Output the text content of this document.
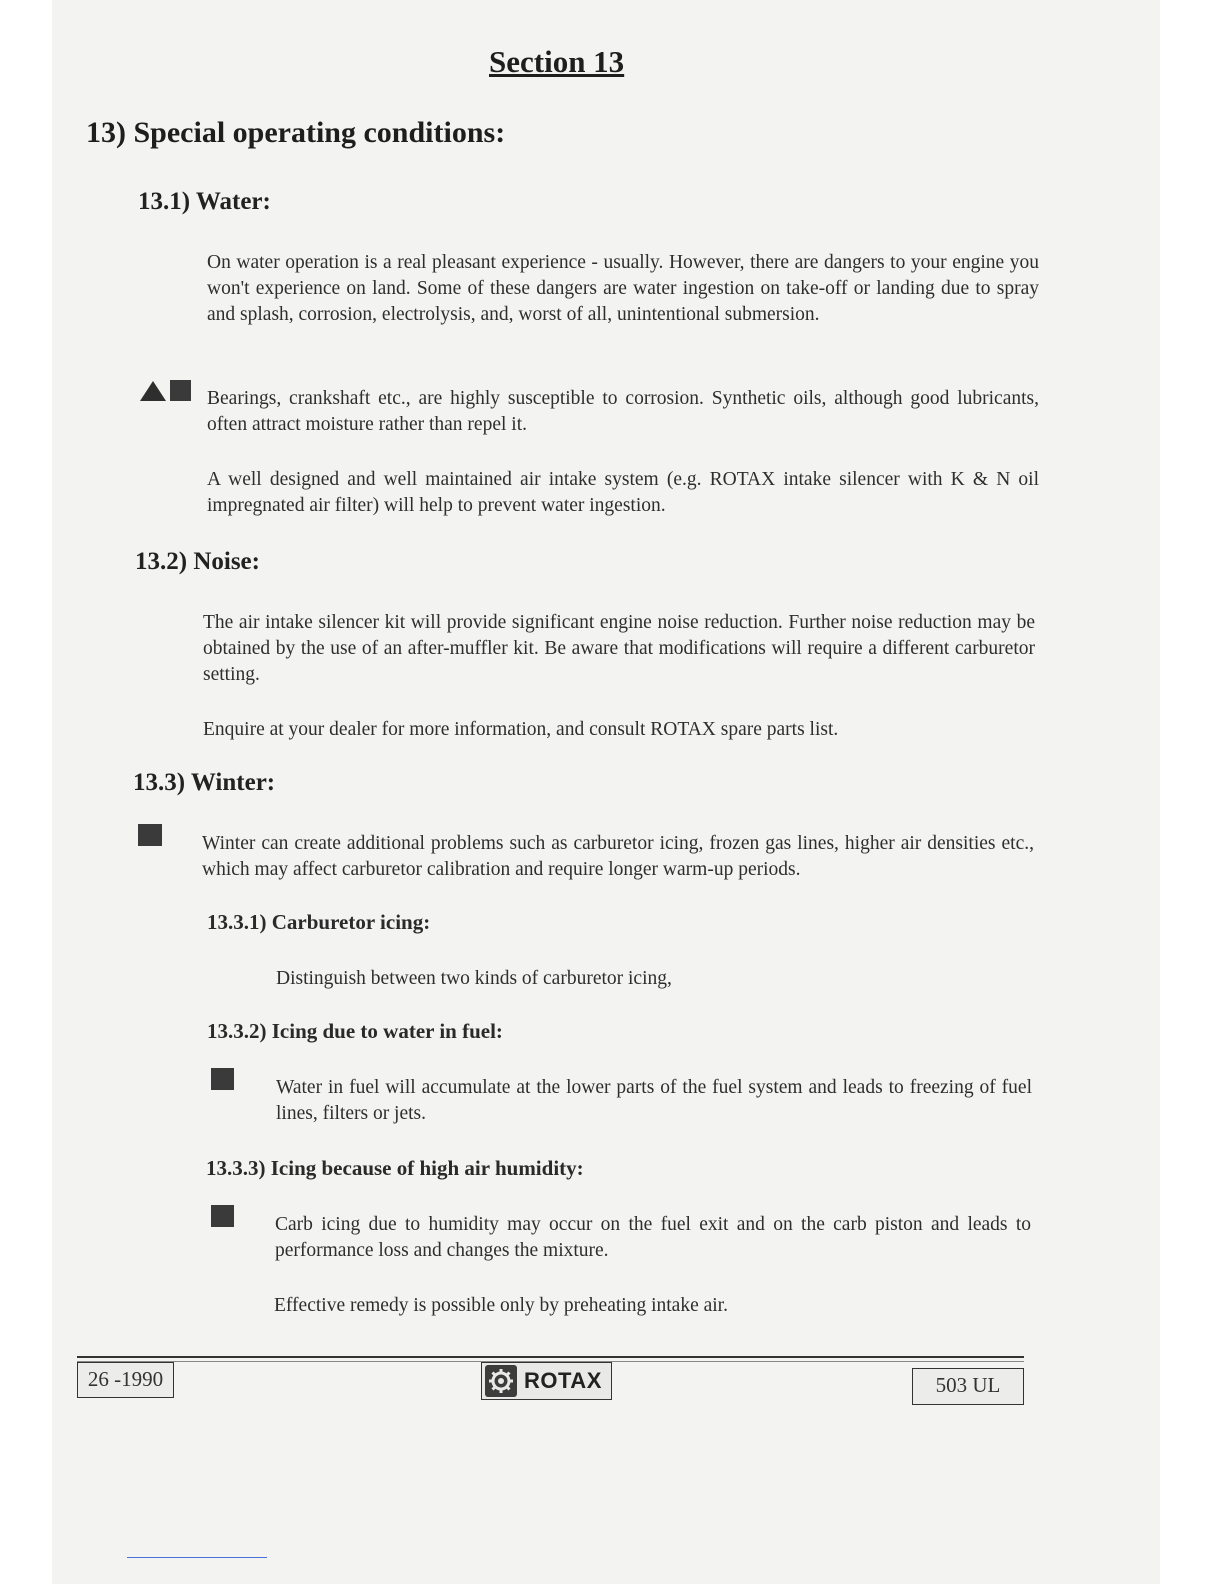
Section 13
13) Special operating conditions:
13.1) Water:

On water operation is a real pleasant experience - usually. However, there are dangers to your engine you won't experience on land. Some of these dangers are water ingestion on take-off or landing due to spray and splash, corrosion, electrolysis, and, worst of all, unintentional submersion.

Bearings, crankshaft etc., are highly susceptible to corrosion. Synthetic oils, although good lubricants, often attract moisture rather than repel it.

A well designed and well maintained air intake system (e.g. ROTAX intake silencer with K & N oil impregnated air filter) will help to prevent water ingestion.

13.2) Noise:

The air intake silencer kit will provide significant engine noise reduction. Further noise reduction may be obtained by the use of an after-muffler kit. Be aware that modifications will require a different carburetor setting.

Enquire at your dealer for more information, and consult ROTAX spare parts list.

13.3) Winter:

Winter can create additional problems such as carburetor icing, frozen gas lines, higher air densities etc., which may affect carburetor calibration and require longer warm-up periods.

13.3.1) Carburetor icing:

Distinguish between two kinds of carburetor icing,

13.3.2) Icing due to water in fuel:

Water in fuel will accumulate at the lower parts of the fuel system and leads to freezing of fuel lines, filters or jets.

13.3.3) Icing because of high air humidity:

Carb icing due to humidity may occur on the fuel exit and on the carb piston and leads to performance loss and changes the mixture.

Effective remedy is possible only by preheating intake air.

26 -1990	ROTAX	503 UL
